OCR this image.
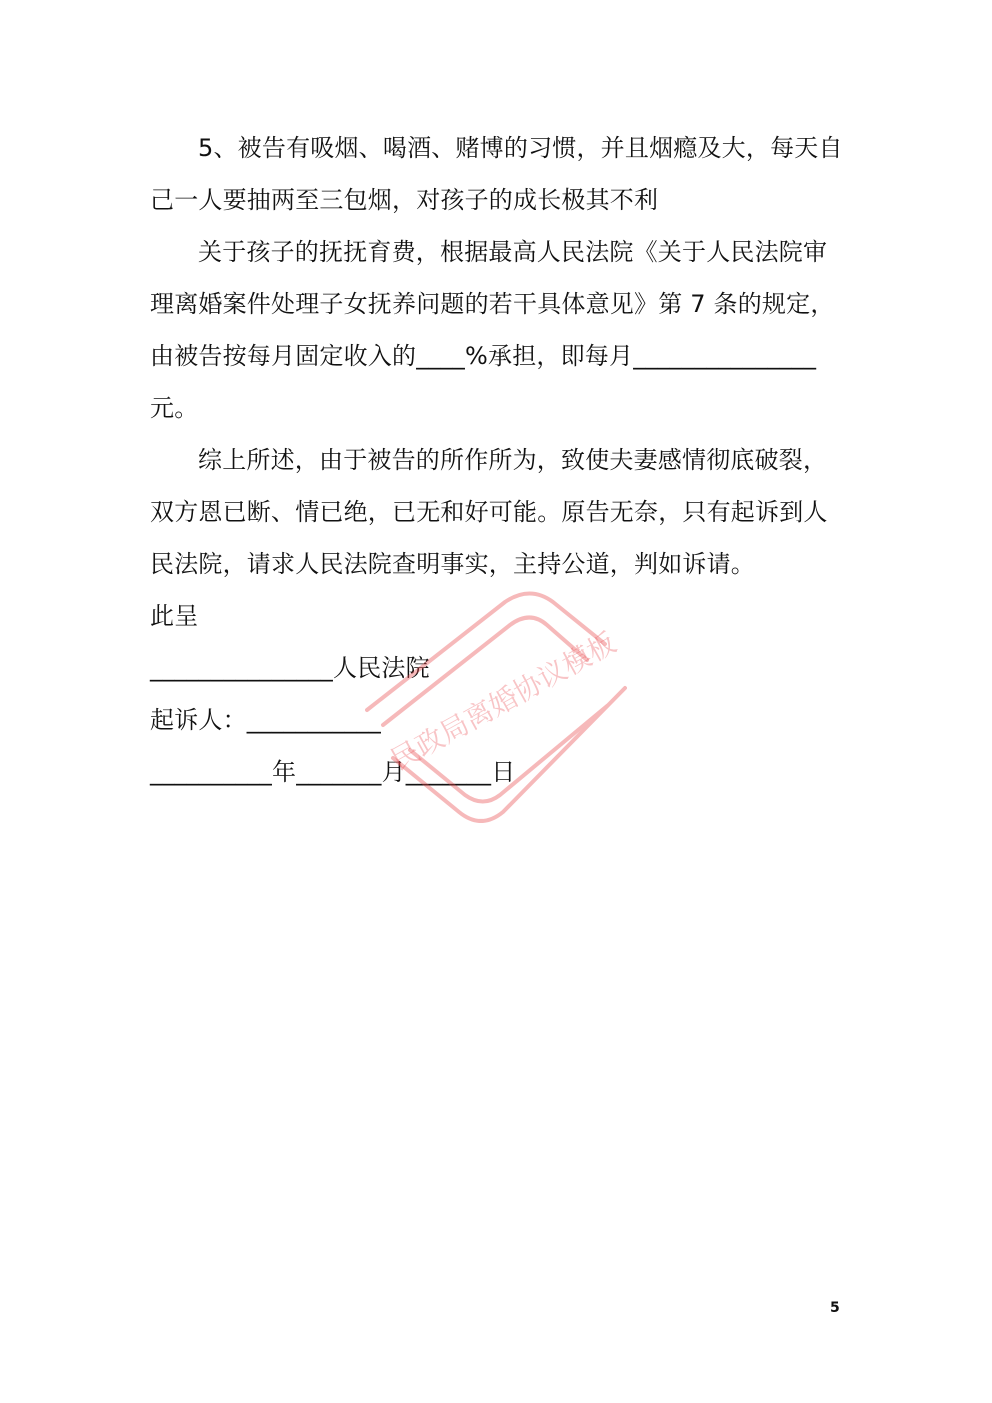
5、被告有吸烟、喝酒、赌博的习惯，并且烟瘾及大，每天自己一人要抽两至三包烟，对孩子的成长极其不利

关于孩子的抚抚育费，根据最高人民法院《关于人民法院审理离婚案件处理子女抚养问题的若干具体意见》第 7 条的规定，由被告按每月固定收入的____%承担，即每月_______________元。

综上所述，由于被告的所作所为，致使夫妻感情彻底破裂，双方恩已断、情已绝，已无和好可能。原告无奈，只有起诉到人民法院，请求人民法院查明事实，主持公道，判如诉请。

此呈

_______________人民法院

起诉人：___________

__________年_______月_______日

民政局离婚协议模板
5
